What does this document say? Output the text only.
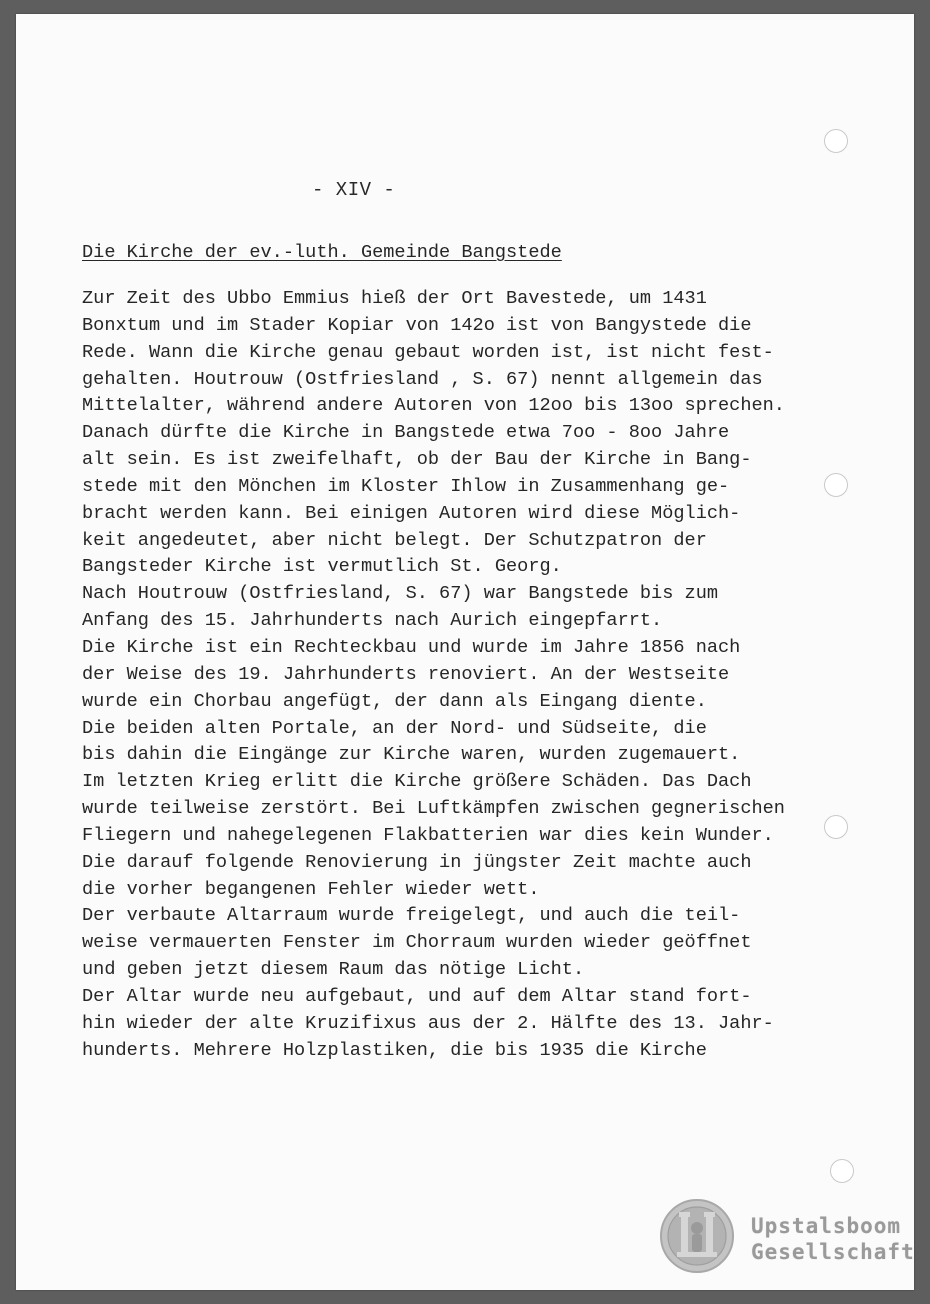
- XIV -
Die Kirche der ev.-luth. Gemeinde Bangstede
Zur Zeit des Ubbo Emmius hieß der Ort Bavestede, um 1431
Bonxtum und im Stader Kopiar von 142o ist von Bangystede die
Rede. Wann die Kirche genau gebaut worden ist, ist nicht fest-
gehalten. Houtrouw (Ostfriesland , S. 67) nennt allgemein das
Mittelalter, während andere Autoren von 12oo bis 13oo sprechen.
Danach dürfte die Kirche in Bangstede etwa 7oo - 8oo Jahre
alt sein. Es ist zweifelhaft, ob der Bau der Kirche in Bang-
stede mit den Mönchen im Kloster Ihlow in Zusammenhang ge-
bracht werden kann. Bei einigen Autoren wird diese Möglich-
keit angedeutet, aber nicht belegt. Der Schutzpatron der
Bangsteder Kirche ist vermutlich St. Georg.
Nach Houtrouw (Ostfriesland, S. 67) war Bangstede bis zum
Anfang des 15. Jahrhunderts nach Aurich eingepfarrt.
Die Kirche ist ein Rechteckbau und wurde im Jahre 1856 nach
der Weise des 19. Jahrhunderts renoviert. An der Westseite
wurde ein Chorbau angefügt, der dann als Eingang diente.
Die beiden alten Portale, an der Nord- und Südseite, die
bis dahin die Eingänge zur Kirche waren, wurden zugemauert.
Im letzten Krieg erlitt die Kirche größere Schäden. Das Dach
wurde teilweise zerstört. Bei Luftkämpfen zwischen gegnerischen
Fliegern und nahegelegenen Flakbatterien war dies kein Wunder.
Die darauf folgende Renovierung in jüngster Zeit machte auch
die vorher begangenen Fehler wieder wett.
Der verbaute Altarraum wurde freigelegt, und auch die teil-
weise vermauerten Fenster im Chorraum wurden wieder geöffnet
und geben jetzt diesem Raum das nötige Licht.
Der Altar wurde neu aufgebaut, und auf dem Altar stand fort-
hin wieder der alte Kruzifixus aus der 2. Hälfte des 13. Jahr-
hunderts. Mehrere Holzplastiken, die bis 1935 die Kirche
Upstalsboom
Gesellschaft
